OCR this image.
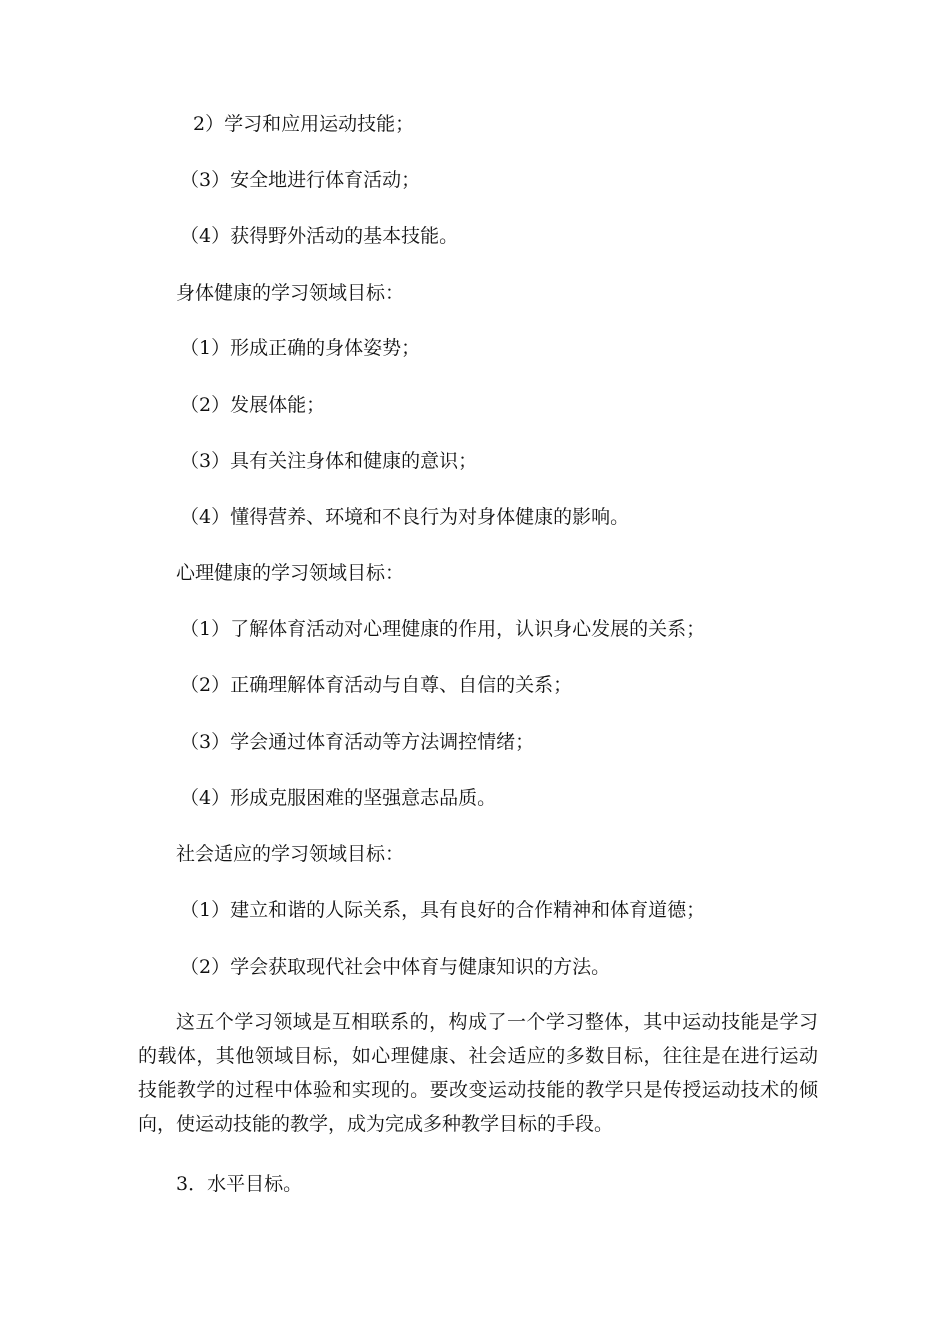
2）学习和应用运动技能；
（3）安全地进行体育活动；
（4）获得野外活动的基本技能。
身体健康的学习领域目标：
（1）形成正确的身体姿势；
（2）发展体能；
（3）具有关注身体和健康的意识；
（4）懂得营养、环境和不良行为对身体健康的影响。
心理健康的学习领域目标：
（1）了解体育活动对心理健康的作用，认识身心发展的关系；
（2）正确理解体育活动与自尊、自信的关系；
（3）学会通过体育活动等方法调控情绪；
（4）形成克服困难的坚强意志品质。
社会适应的学习领域目标：
（1）建立和谐的人际关系，具有良好的合作精神和体育道德；
（2）学会获取现代社会中体育与健康知识的方法。
这五个学习领域是互相联系的，构成了一个学习整体，其中运动技能是学习的载体，其他领域目标，如心理健康、社会适应的多数目标，往往是在进行运动技能教学的过程中体验和实现的。要改变运动技能的教学只是传授运动技术的倾向，使运动技能的教学，成为完成多种教学目标的手段。
3．水平目标。
